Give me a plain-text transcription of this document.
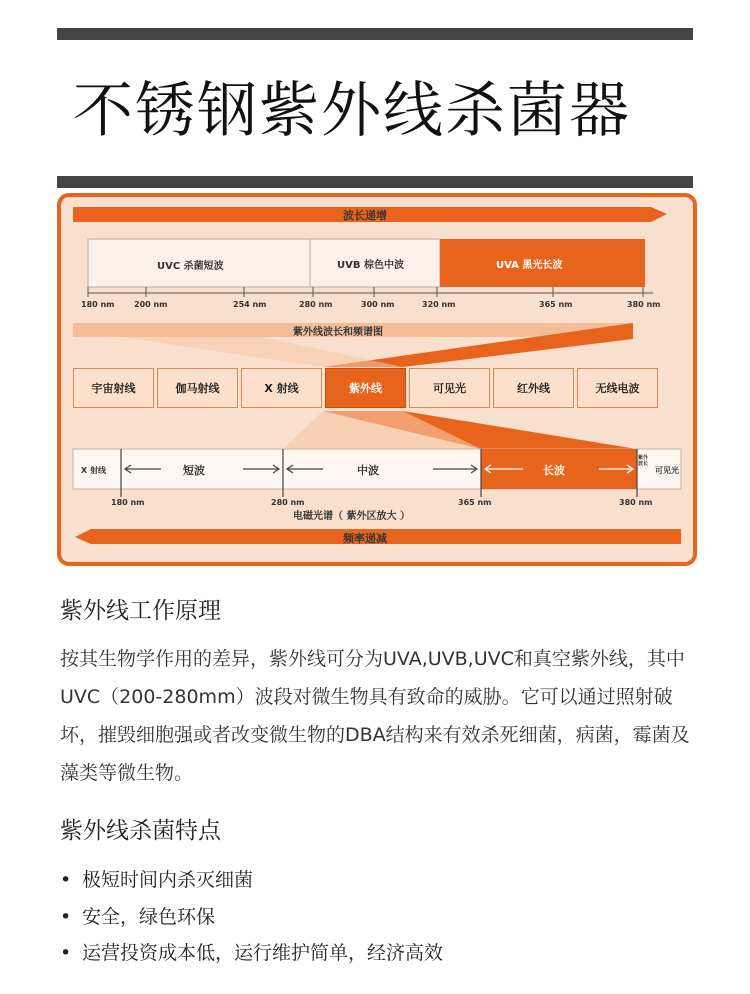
不锈钢紫外线杀菌器
波长递增
UVC 杀菌短波	UVB 棕色中波	UVA 黑光长波
180 nm 200 nm	254 nm	280 nm	300 nm	320 nm	365 nm	380 nm
紫外线波长和频谱图
宇宙射线	伽马射线	X 射线	紫外线	可见光	红外线	无线电波
X 射线	短波	中波	长波
紫外波长
可见光
180 nm	280 nm	365 nm	380 nm
电磁光谱（ 紫外区放大 ）
频率递减
紫外线工作原理
按其生物学作用的差异，紫外线可分为UVA,UVB,UVC和真空紫外线，其中UVC（200-280mm）波段对微生物具有致命的威胁。它可以通过照射破坏，摧毁细胞强或者改变微生物的DBA结构来有效杀死细菌，病菌，霉菌及藻类等微生物。
紫外线杀菌特点
• 极短时间内杀灭细菌
• 安全，绿色环保
• 运营投资成本低，运行维护简单，经济高效
